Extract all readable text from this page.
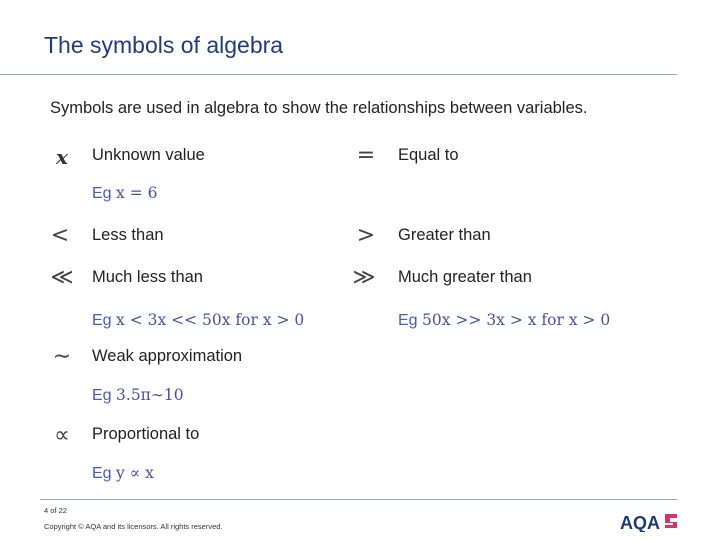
The symbols of algebra
Symbols are used in algebra to show the relationships between variables.
x	Unknown value	= Equal to
Eg x = 6
< Less than	> Greater than
≪ Much less than	≫ Much greater than
Eg x < 3x << 50x for x > 0	Eg 50x >> 3x > x for x > 0
∼ Weak approximation
Eg 3.5π∼10
∝ Proportional to
Eg y ∝ x
4 of 22
Copyright © AQA and its licensors. All rights reserved.	AQA
